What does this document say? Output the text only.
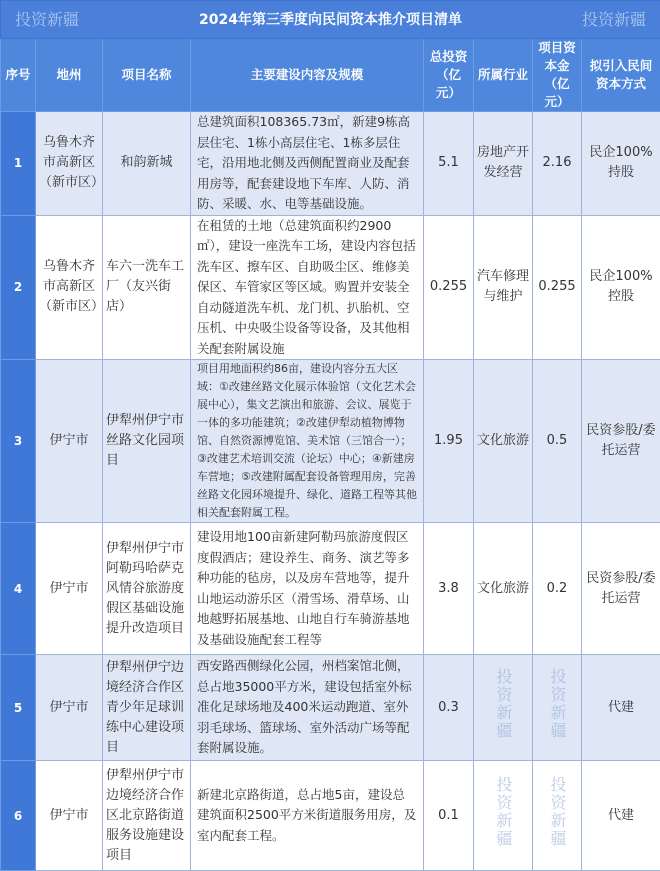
投资新疆 2024年第三季度向民间资本推介项目清单 投资新疆							

序号	地州	项目名称	主要建设内容及规模	总投资（亿元）	所属行业	项目资本金（亿元）	拟引入民间资本方式
1	乌鲁木齐市高新区（新市区）	和韵新城	总建筑面积108365.73㎡，新建9栋高层住宅、1栋小高层住宅、1栋多层住宅，沿用地北侧及西侧配置商业及配套用房等，配套建设地下车库、人防、消防、采暖、水、电等基础设施。	5.1	房地产开发经营	2.16	民企100%持股
2	乌鲁木齐市高新区（新市区）	车六一洗车工厂（友兴街店）	在租赁的土地（总建筑面积约2900㎡），建设一座洗车工场，建设内容包括洗车区、擦车区、自助吸尘区、维修美保区、车管家区等区域。购置并安装全自动隧道洗车机、龙门机、扒胎机、空压机、中央吸尘设备等设备，及其他相关配套附属设施	0.255	汽车修理与维护	0.255	民企100%控股
3	伊宁市	伊犁州伊宁市丝路文化园项目	项目用地面积约86亩，建设内容分五大区域：①改建丝路文化展示体验馆（文化艺术会展中心），集文艺演出和旅游、会议、展览于一体的多功能建筑；②改建伊犁动植物博物馆、自然资源博览馆、美术馆（三馆合一）；③改建艺术培训交流（论坛）中心；④新建房车营地；⑤改建附属配套设备管理用房，完善丝路文化园环境提升、绿化、道路工程等其他相关配套附属工程。	1.95	文化旅游	0.5	民资参股/委托运营
4	伊宁市	伊犁州伊宁市阿勒玛哈萨克风情谷旅游度假区基础设施提升改造项目	建设用地100亩新建阿勒玛旅游度假区度假酒店；建设养生、商务、演艺等多种功能的毡房，以及房车营地等，提升山地运动游乐区（滑雪场、滑草场、山地越野拓展基地、山地自行车骑游基地及基础设施配套工程等	3.8	文化旅游	0.2	民资参股/委托运营
5	伊宁市	伊犁州伊宁边境经济合作区青少年足球训练中心建设项目	西安路西侧绿化公园，州档案馆北侧，总占地35000平方米，建设包括室外标准化足球场地及400米运动跑道、室外羽毛球场、篮球场、室外活动广场等配套附属设施。	0.3	投资新疆	投资新疆	代建
6	伊宁市	伊犁州伊宁市边境经济合作区北京路街道服务设施建设项目	新建北京路街道，总占地5亩，建设总建筑面积2500平方米街道服务用房，及室内配套工程。	0.1	投资新疆	投资新疆	代建
